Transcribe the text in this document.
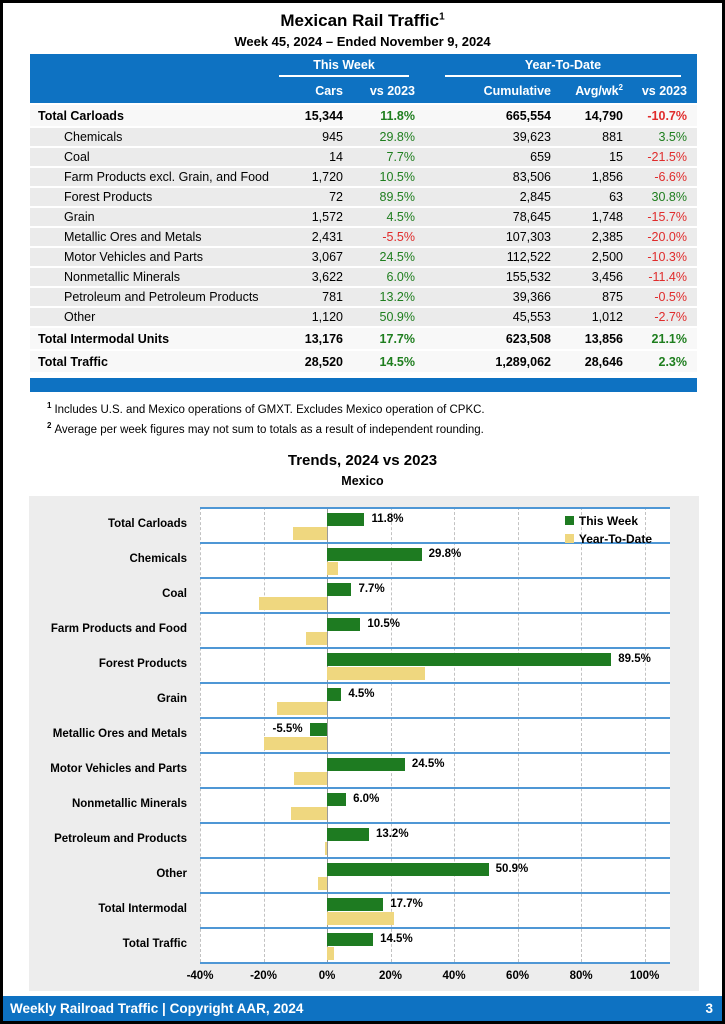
Mexican Rail Traffic$^1$
Week 45, 2024 – Ended November 9, 2024
This Week	Year-To-Date
Cars	vs 2023	Cumulative	Avg/$wk^2$	vs 2023
Total Carloads	15,344	11.8%	665,554	14,790	-10.7%
Chemicals	945	29.8%	39,623	881	3.5%
Coal	14	7.7%	659	15	-21.5%
Farm Products excl. Grain, and Food	1,720	10.5%	83,506	1,856	-6.6%
Forest Products	72	89.5%	2,845	63	30.8%
Grain	1,572	4.5%	78,645	1,748	-15.7%
Metallic Ores and Metals	2,431	-5.5%	107,303	2,385	-20.0%
Motor Vehicles and Parts	3,067	24.5%	112,522	2,500	-10.3%
Nonmetallic Minerals	3,622	6.0%	155,532	3,456	-11.4%
Petroleum and Petroleum Products	781	13.2%	39,366	875	-0.5%
Other	1,120	50.9%	45,553	1,012	-2.7%
Total Intermodal Units	13,176	17.7%	623,508	13,856	21.1%
Total Traffic	28,520	14.5%	1,289,062	28,646	2.3%
$^1$ Includes U.S. and Mexico operations of GMXT. Excludes Mexico operation of CPKC.
$^2$ Average per week figures may not sum to totals as a result of independent rounding.
Trends, 2024 vs 2023
Mexico
Total Carloads
Chemicals
Coal
Farm Products and Food
Forest Products
Grain
Metallic Ores and Metals
Motor Vehicles and Parts
Nonmetallic Minerals
Petroleum and Products
Other
Total Intermodal
Total Traffic
11.8%
29.8%
7.7%
10.5%
89.5%
4.5%
-5.5%
24.5%
6.0%
13.2%
50.9%
17.7%
14.5%
This Week
Year-To-Date
-40%	-20%	0%	20%	40%	60%	80%	100%
Weekly Railroad Traffic | Copyright AAR, 2024	3
